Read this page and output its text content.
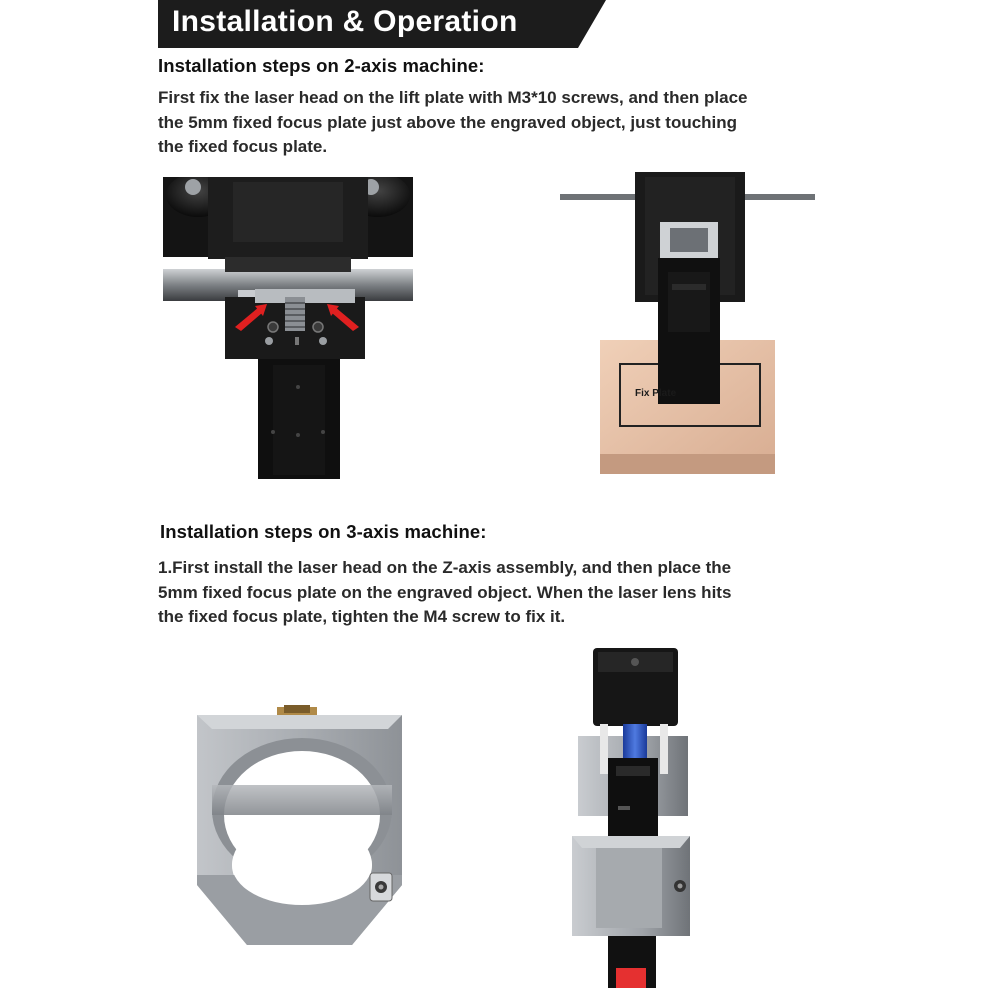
Installation & Operation
Installation steps on 2-axis machine:

First fix the laser head on the lift plate with M3*10 screws, and then place
the 5mm fixed focus plate just above the engraved object, just touching
the fixed focus plate.

Fix Plate
Installation steps on 3-axis machine:

1.First install the laser head on the Z-axis assembly, and then place the
5mm fixed focus plate on the engraved object. When the laser lens hits
the fixed focus plate, tighten the M4 screw to fix it.
